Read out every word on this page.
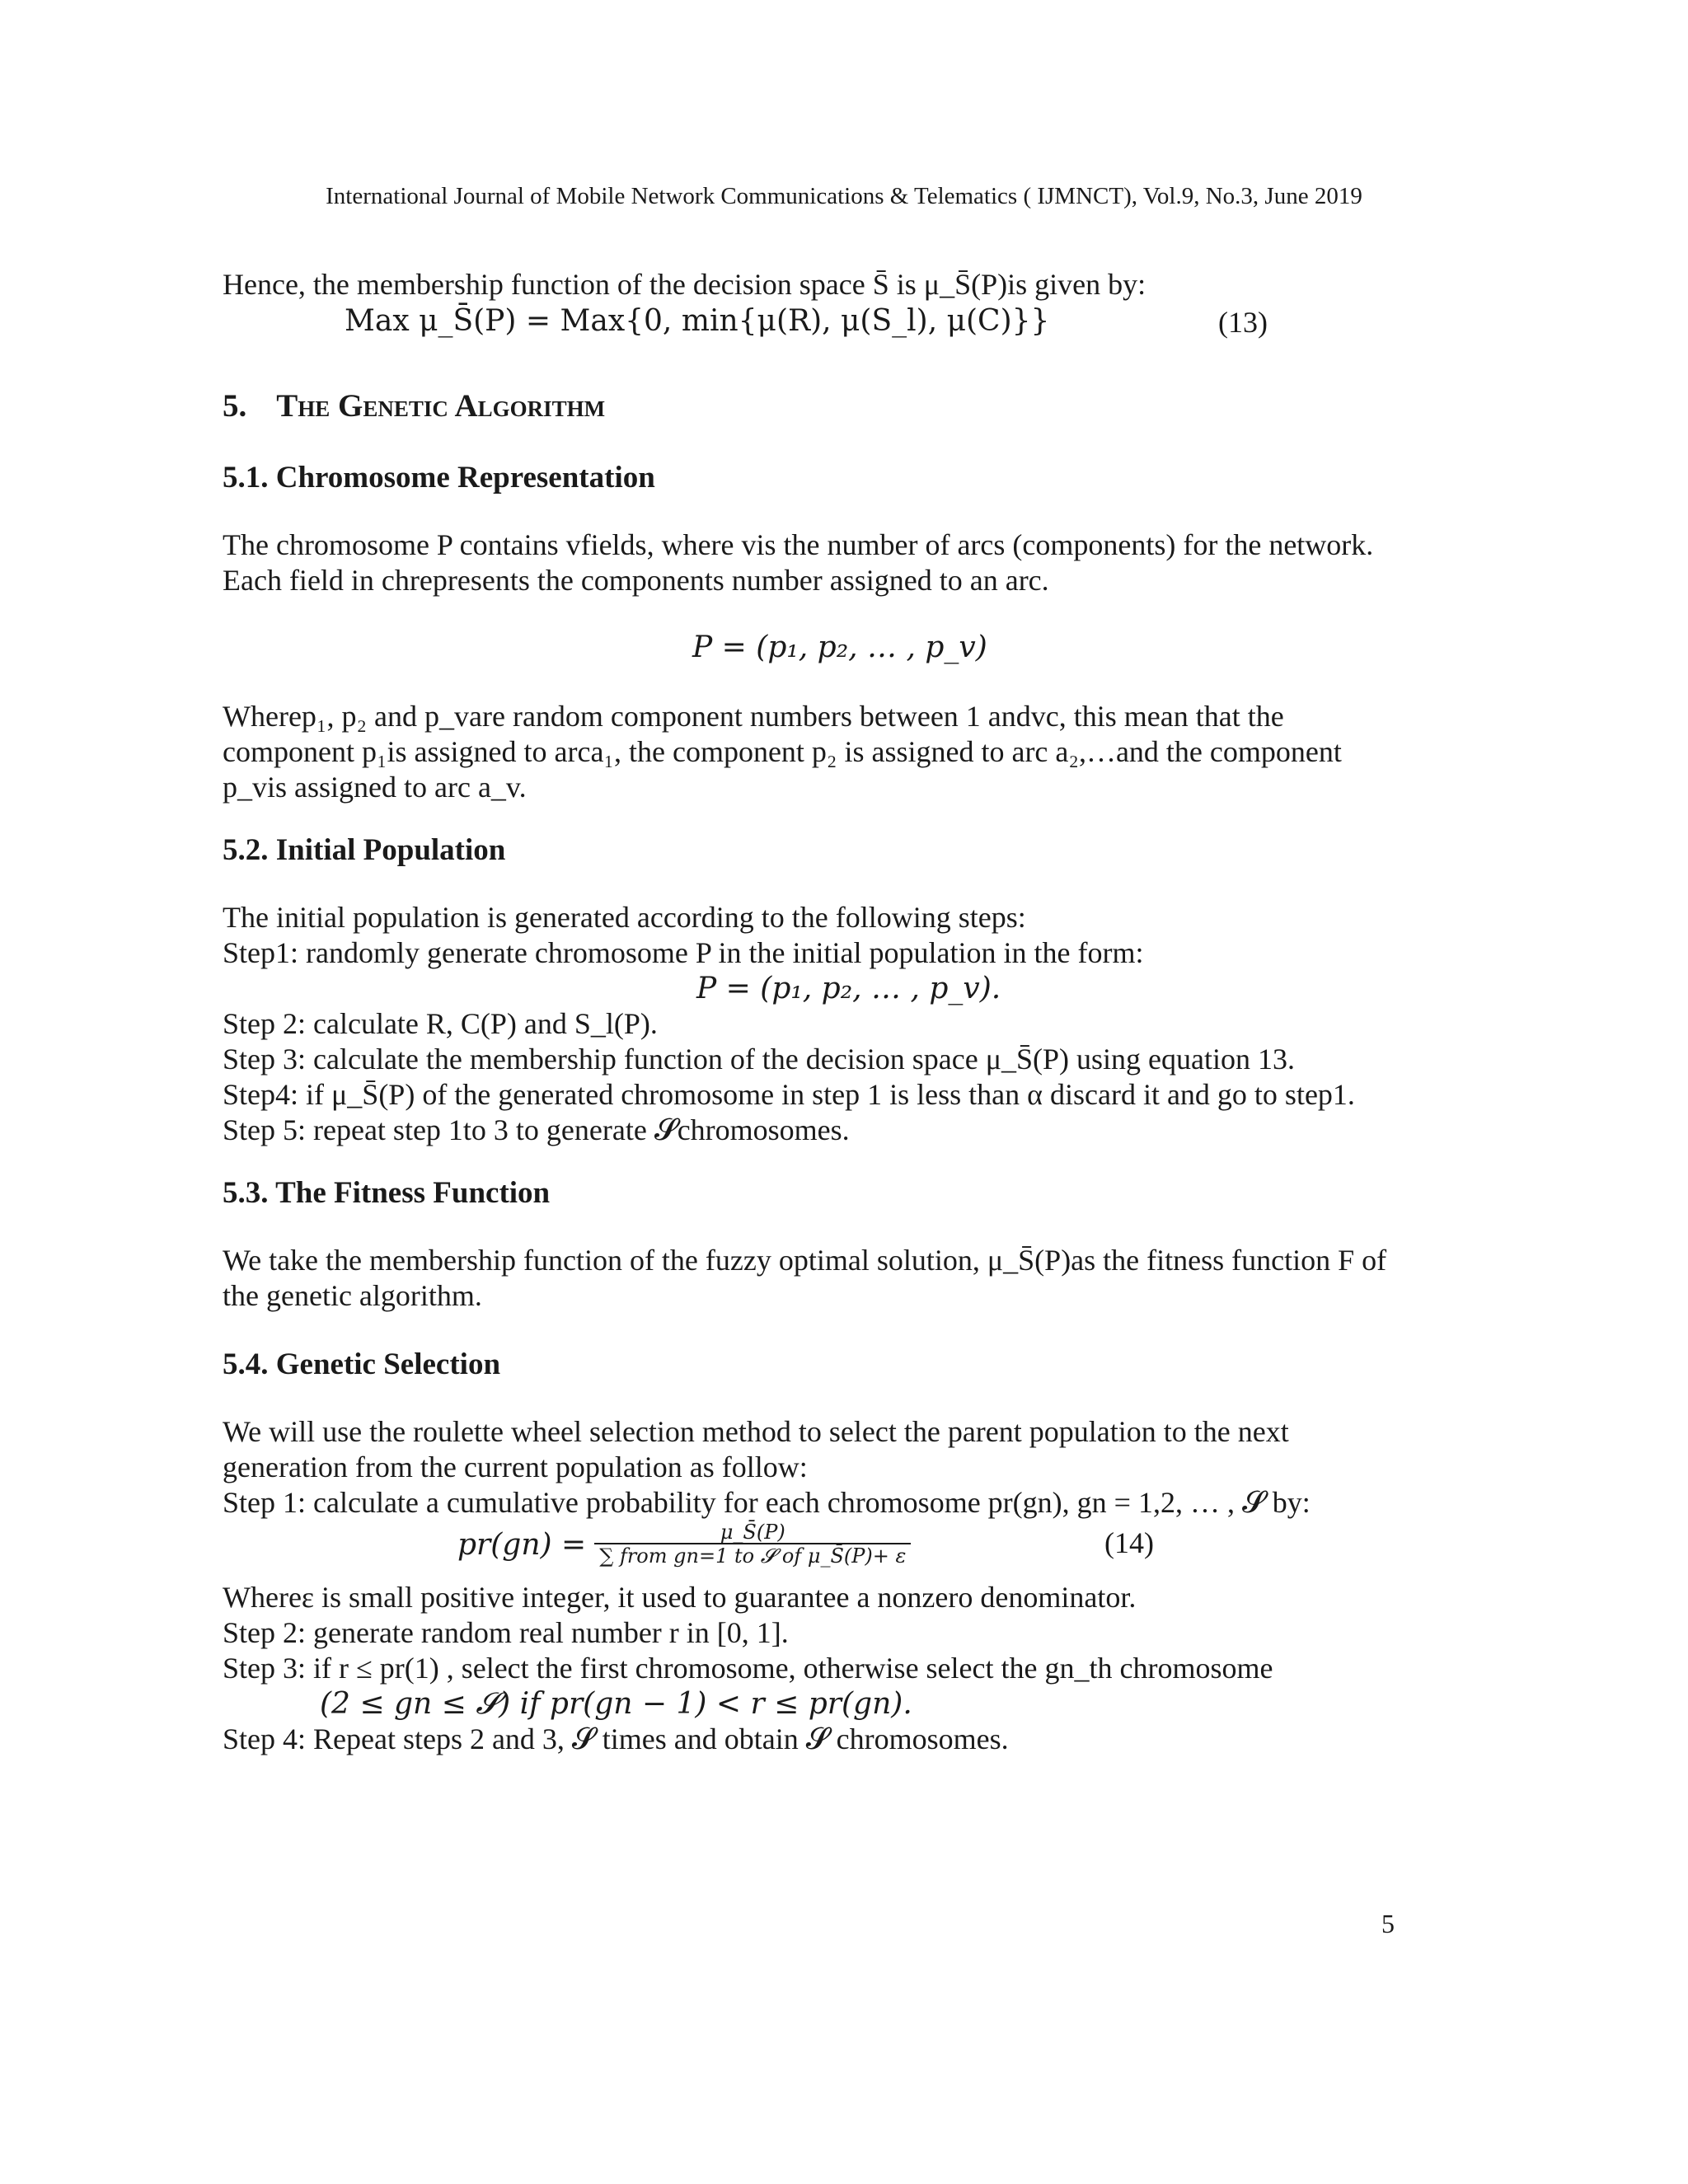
International Journal of Mobile Network Communications & Telematics ( IJMNCT), Vol.9, No.3, June 2019
Hence, the membership function of the decision space S̄ is μ_S̄(P)is given by:
Max μ_S̄(P) = Max{0, min{μ(R), μ(S_l), μ(C)}}	(13)
5. The Genetic Algorithm
5.1. Chromosome Representation
The chromosome P contains vfields, where vis the number of arcs (components) for the network.
Each field in chrepresents the components number assigned to an arc.
P = (p₁, p₂, … , p_v)
Wherep₁, p₂ and p_vare random component numbers between 1 andvc, this mean that the
component p₁is assigned to arca₁, the component p₂ is assigned to arc a₂,…and the component
p_vis assigned to arc a_v.
5.2. Initial Population
The initial population is generated according to the following steps:
Step1: randomly generate chromosome P in the initial population in the form:
P = (p₁, p₂, … , p_v).
Step 2: calculate R, C(P) and S_l(P).
Step 3: calculate the membership function of the decision space μ_S̄(P) using equation 13.
Step4: if μ_S̄(P) of the generated chromosome in step 1 is less than α discard it and go to step1.
Step 5: repeat step 1to 3 to generate 𝓢chromosomes.
5.3. The Fitness Function
We take the membership function of the fuzzy optimal solution, μ_S̄(P)as the fitness function F of
the genetic algorithm.
5.4. Genetic Selection
We will use the roulette wheel selection method to select the parent population to the next
generation from the current population as follow:
Step 1: calculate a cumulative probability for each chromosome pr(gn), gn = 1,2, … , 𝓢 by:
$pr(gn) = \frac{\mu\_S̄(P)}{\text{∑ from gn=1 to 𝓢 of μ\_S̄(P)+ ε}}$	(14)
Whereε is small positive integer, it used to guarantee a nonzero denominator.
Step 2: generate random real number r in [0, 1].
Step 3: if r ≤ pr(1) , select the first chromosome, otherwise select the gn_th chromosome
(2 ≤ gn ≤ 𝓢) if pr(gn − 1) < r ≤ pr(gn).
Step 4: Repeat steps 2 and 3, 𝓢 times and obtain 𝓢 chromosomes.
5
